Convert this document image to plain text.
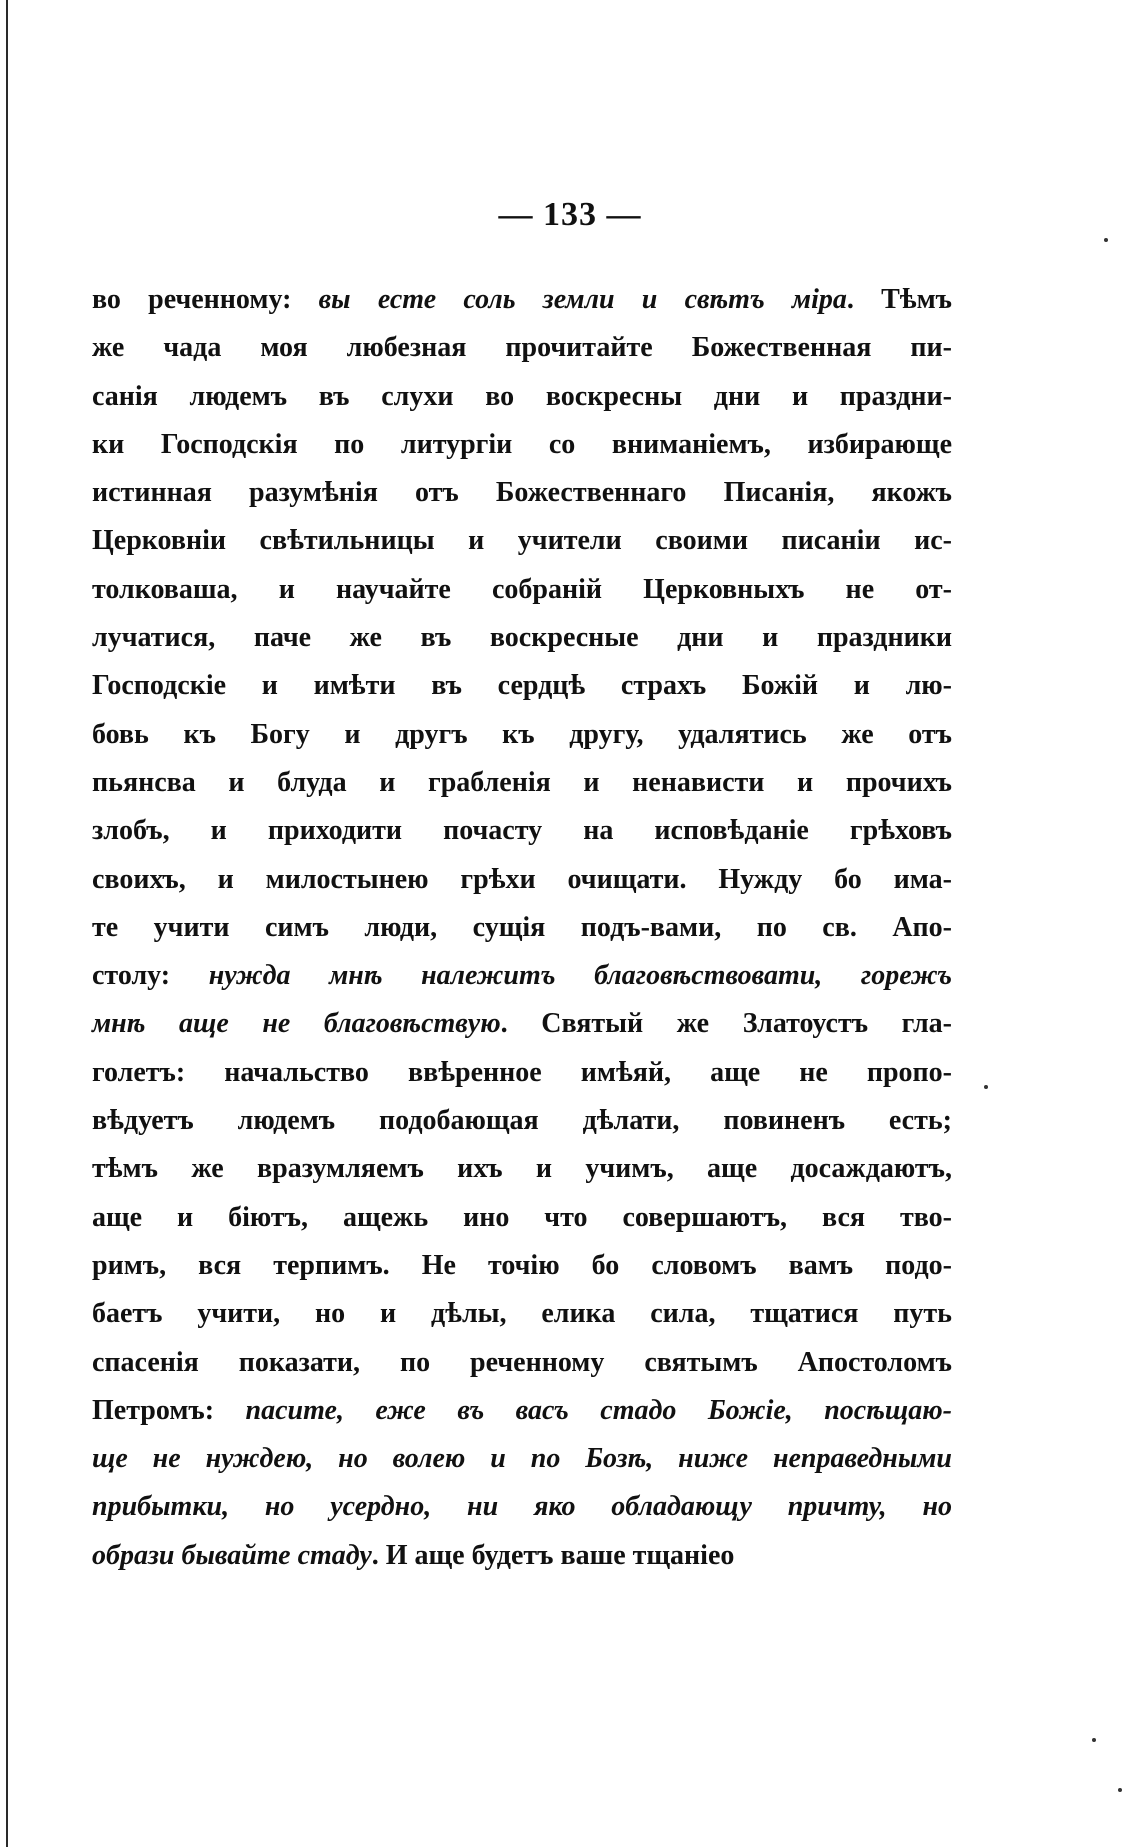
— 133 —
во реченному: вы есте соль земли и свѣтъ міра. Тѣмъ
же чада моя любезная прочитайте Божественная пи-
санія людемъ въ слухи во воскресны дни и праздни-
ки Господскія по литургіи со вниманіемъ, избирающе
истинная разумѣнія отъ Божественнаго Писанія, якожъ
Церковніи свѣтильницы и учители своими писаніи ис-
толковаша, и научайте собраній Церковныхъ не от-
лучатися, паче же въ воскресные дни и праздники
Господскіе и имѣти въ сердцѣ страхъ Божій и лю-
бовь къ Богу и другъ къ другу, удалятись же отъ
пьянсва и блуда и грабленія и ненависти и прочихъ
злобъ, и приходити почасту на исповѣданіе грѣховъ
своихъ, и милостынею грѣхи очищати. Нужду бо има-
те учити симъ люди, сущія подъ-вами, по св. Апо-
столу: нужда мнѣ належитъ благовѣствовати, горежъ
мнѣ аще не благовѣствую. Святый же Златоустъ гла-
голетъ: начальство ввѣренное имѣяй, аще не пропо-
вѣдуетъ людемъ подобающая дѣлати, повиненъ есть;
тѣмъ же вразумляемъ ихъ и учимъ, аще досаждаютъ,
аще и біютъ, ащежь ино что совершаютъ, вся тво-
римъ, вся терпимъ. Не точію бо словомъ вамъ подо-
баетъ учити, но и дѣлы, елика сила, тщатися путь
спасенія показати, по реченному святымъ Апостоломъ
Петромъ: пасите, еже въ васъ стадо Божіе, посѣщаю-
ще не нуждею, но волею и по Бозѣ, ниже неправедными
прибытки, но усердно, ни яко обладающу причту, но
образи бывайте стаду. И аще будетъ ваше тщаніео
